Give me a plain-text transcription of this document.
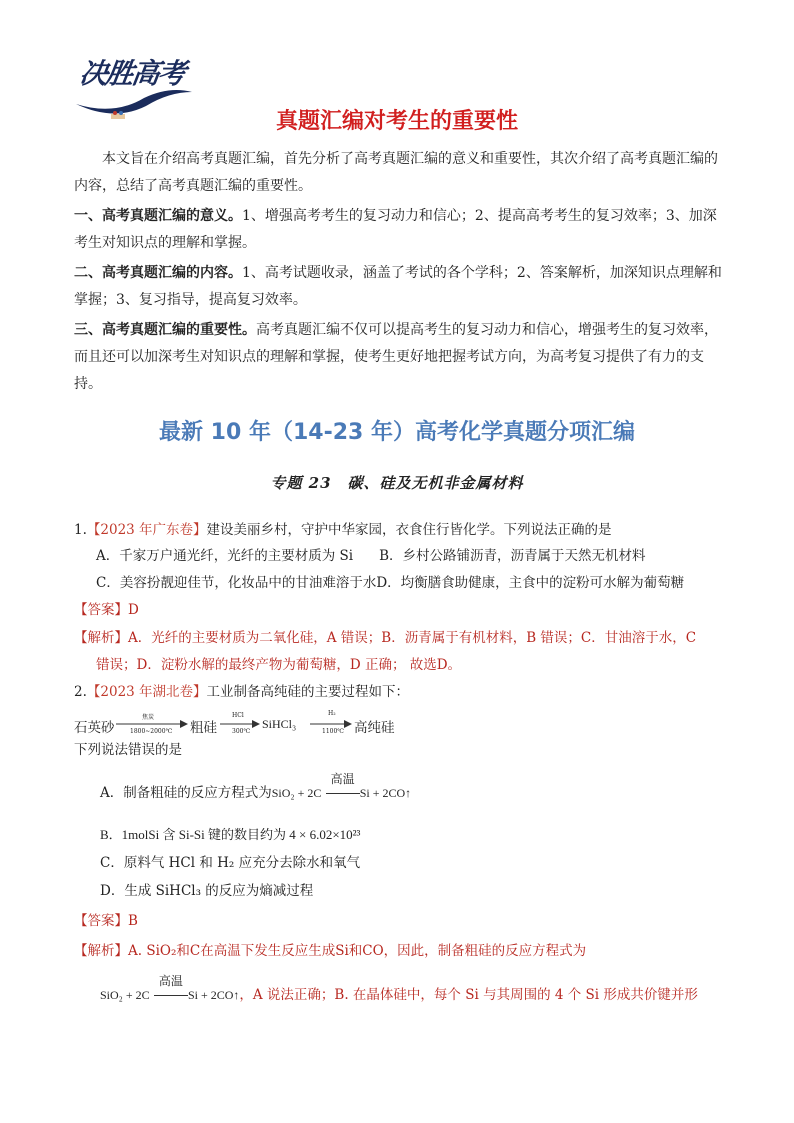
决胜高考
真题汇编对考生的重要性
本文旨在介绍高考真题汇编，首先分析了高考真题汇编的意义和重要性，其次介绍了高考真题汇编的内容，总结了高考真题汇编的重要性。
一、高考真题汇编的意义。1、增强高考考生的复习动力和信心；2、提高高考考生的复习效率；3、加深考生对知识点的理解和掌握。
二、高考真题汇编的内容。1、高考试题收录，涵盖了考试的各个学科；2、答案解析，加深知识点理解和掌握；3、复习指导，提高复习效率。
三、高考真题汇编的重要性。高考真题汇编不仅可以提高考生的复习动力和信心，增强考生的复习效率，而且还可以加深考生对知识点的理解和掌握，使考生更好地把握考试方向，为高考复习提供了有力的支持。
最新 10 年（14-23 年）高考化学真题分项汇编
专题 23　碳、硅及无机非金属材料
1.【2023 年广东卷】建设美丽乡村，守护中华家园，衣食住行皆化学。下列说法正确的是
A．千家万户通光纤，光纤的主要材质为 Si B．乡村公路铺沥青，沥青属于天然无机材料
C．美容扮靓迎佳节，化妆品中的甘油难溶于水D．均衡膳食助健康，主食中的淀粉可水解为葡萄糖
【答案】D
【解析】A．光纤的主要材质为二氧化硅，A 错误；B．沥青属于有机材料，B 错误；C．甘油溶于水，C
错误；D．淀粉水解的最终产物为葡萄糖，D 正确； 故选D。
2.【2023 年湖北卷】工业制备高纯硅的主要过程如下：
石英砂
焦炭
1800~2000℃ 粗硅
HCl
300℃
SiHCl₃
H₂
1100℃ 高纯硅
下列说法错误的是
A．制备粗硅的反应方程式为SiO₂ + 2C
高温
Si + 2CO↑
B．1molSi 含 Si-Si 键的数目约为 4 × 6.02×10²³
C．原料气 HCl 和 H₂ 应充分去除水和氧气
D．生成 SiHCl₃ 的反应为熵减过程
【答案】B
【解析】A. SiO₂和C在高温下发生反应生成Si和CO，因此，制备粗硅的反应方程式为
SiO₂ + 2C
高温
Si + 2CO↑，A 说法正确；B. 在晶体硅中，每个 Si 与其周围的 4 个 Si 形成共价键并形
